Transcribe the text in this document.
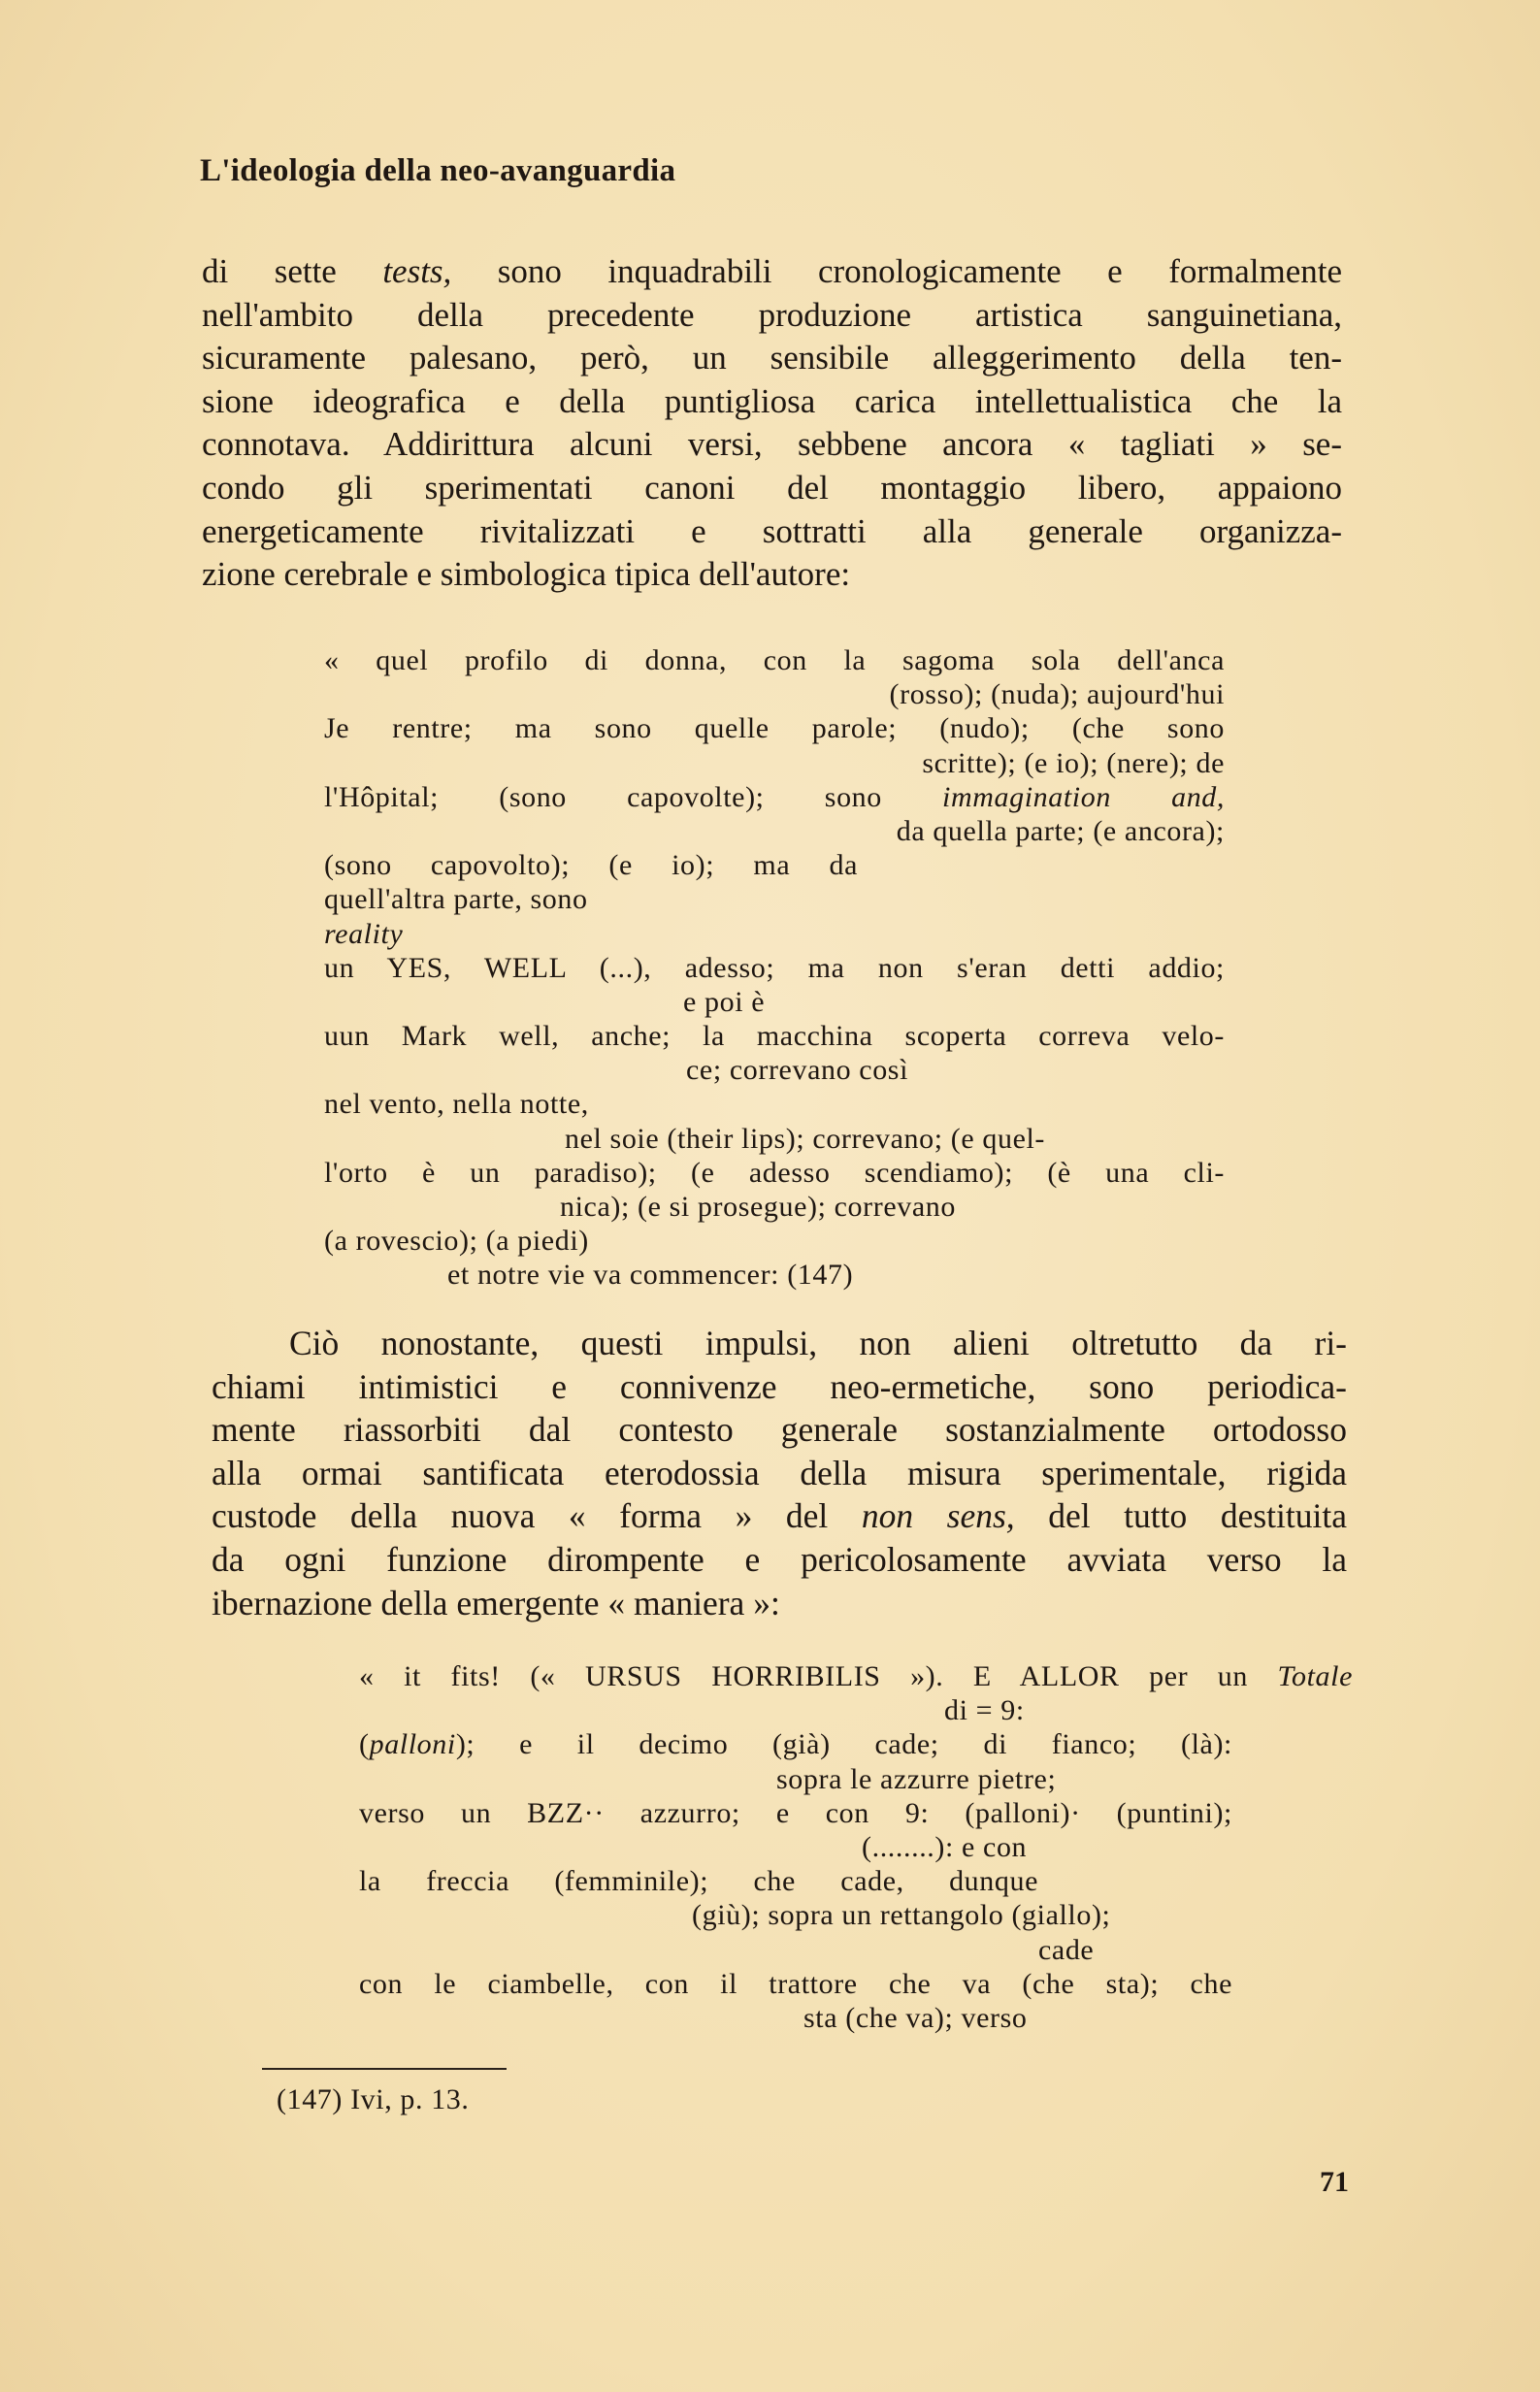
L'ideologia della neo-avanguardia
di sette tests, sono inquadrabili cronologicamente e formalmente
nell'ambito della precedente produzione artistica sanguinetiana,
sicuramente palesano, però, un sensibile alleggerimento della ten-
sione ideografica e della puntigliosa carica intellettualistica che la
connotava. Addirittura alcuni versi, sebbene ancora « tagliati » se-
condo gli sperimentati canoni del montaggio libero, appaiono
energeticamente rivitalizzati e sottratti alla generale organizza-
zione cerebrale e simbologica tipica dell'autore:
« quel profilo di donna, con la sagoma sola dell'anca
(rosso); (nuda); aujourd'hui
Je rentre; ma sono quelle parole; (nudo); (che sono
scritte); (e io); (nere); de
l'Hôpital; (sono capovolte); sono immaginatio​n and,
da quella parte; (e ancora);
(sono capovolto); (e io); ma da
quell'altra parte, sono
reality
un YES, WELL (...), adesso; ma non s'eran detti addio;
e poi è
uun Mark well, anche; la macchina scoperta correva velo-
ce; correvano così
nel vento, nella notte,
nel soie (their lips); correvano; (e quel-
l'orto è un paradiso); (e adesso scendiamo); (è una cli-
nica); (e si prosegue); correvano
(a rovescio); (a piedi)
et notre vie va commencer: (147)
Ciò nonostante, questi impulsi, non alieni oltretutto da ri-
chiami intimistici e connivenze neo-ermetiche, sono periodica-
mente riassorbiti dal contesto generale sostanzialmente ortodosso
alla ormai santificata eterodossia della misura sperimentale, rigida
custode della nuova « forma » del non sens, del tutto destituita
da ogni funzione dirompente e pericolosamente avviata verso la
ibernazione della emergente « maniera »:
« it fits! (« URSUS HORRIBILIS »). E ALLOR per un Totale
di = 9:
(palloni); e il decimo (già) cade; di fianco; (là):
sopra le azzurre pietre;
verso un BZZ·· azzurro; e con 9: (palloni)· (puntini);
(........): e con
la freccia (femminile); che cade, dunque
(giù); sopra un rettangolo (giallo);
cade
con le ciambelle, con il trattore che va (che sta); che
sta (che va); verso
(147) Ivi, p. 13.
71
